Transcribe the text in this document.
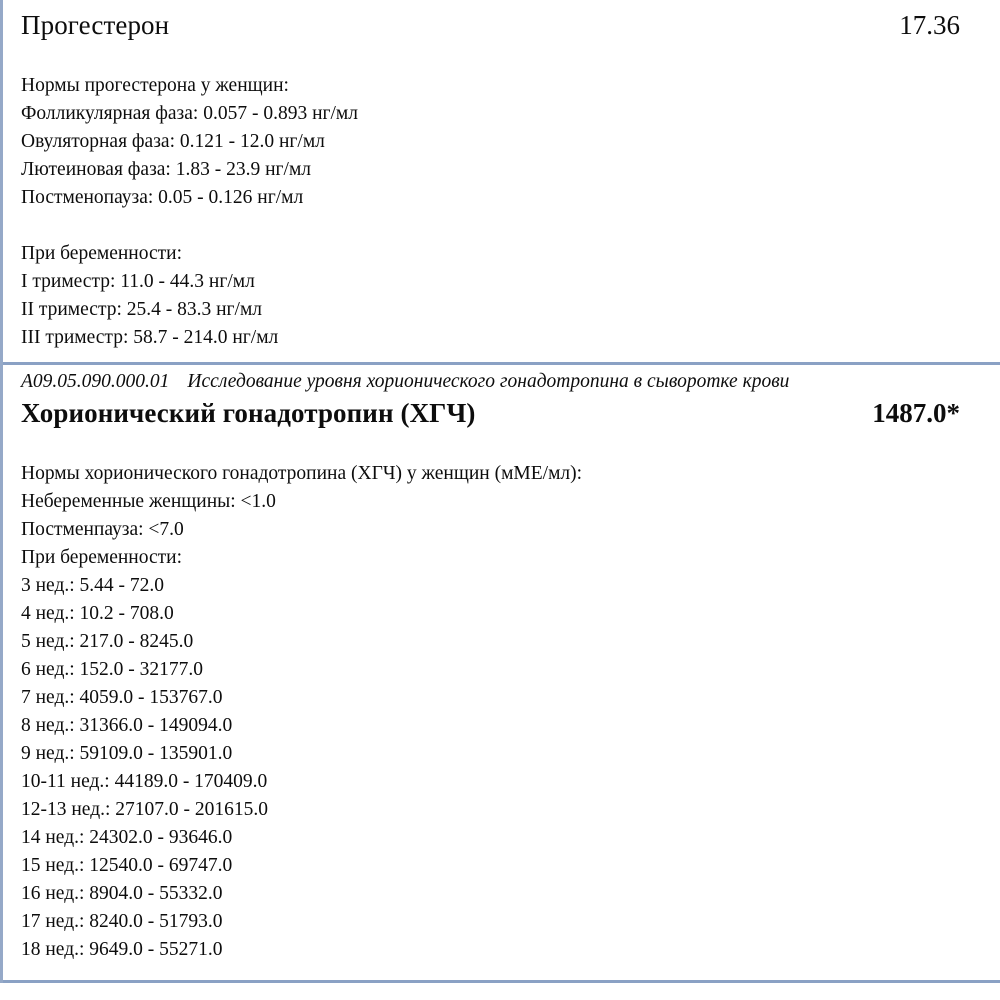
Прогестерон	17.36
Нормы прогестерона у женщин:
Фолликулярная фаза: 0.057 - 0.893 нг/мл
Овуляторная фаза: 0.121 - 12.0 нг/мл
Лютеиновая фаза: 1.83 - 23.9 нг/мл
Постменопауза: 0.05 - 0.126 нг/мл
При беременности:
I триместр: 11.0 - 44.3 нг/мл
II триместр: 25.4 - 83.3 нг/мл
III триместр: 58.7 - 214.0 нг/мл
A09.05.090.000.01 Исследование уровня хорионического гонадотропина в сыворотке крови
Хорионический гонадотропин (ХГЧ)	1487.0*
Нормы хорионического гонадотропина (ХГЧ) у женщин (мМЕ/мл):
Небеременные женщины: <1.0
Постменпауза: <7.0
При беременности:
3 нед.: 5.44 - 72.0
4 нед.: 10.2 - 708.0
5 нед.: 217.0 - 8245.0
6 нед.: 152.0 - 32177.0
7 нед.: 4059.0 - 153767.0
8 нед.: 31366.0 - 149094.0
9 нед.: 59109.0 - 135901.0
10-11 нед.: 44189.0 - 170409.0
12-13 нед.: 27107.0 - 201615.0
14 нед.: 24302.0 - 93646.0
15 нед.: 12540.0 - 69747.0
16 нед.: 8904.0 - 55332.0
17 нед.: 8240.0 - 51793.0
18 нед.: 9649.0 - 55271.0
